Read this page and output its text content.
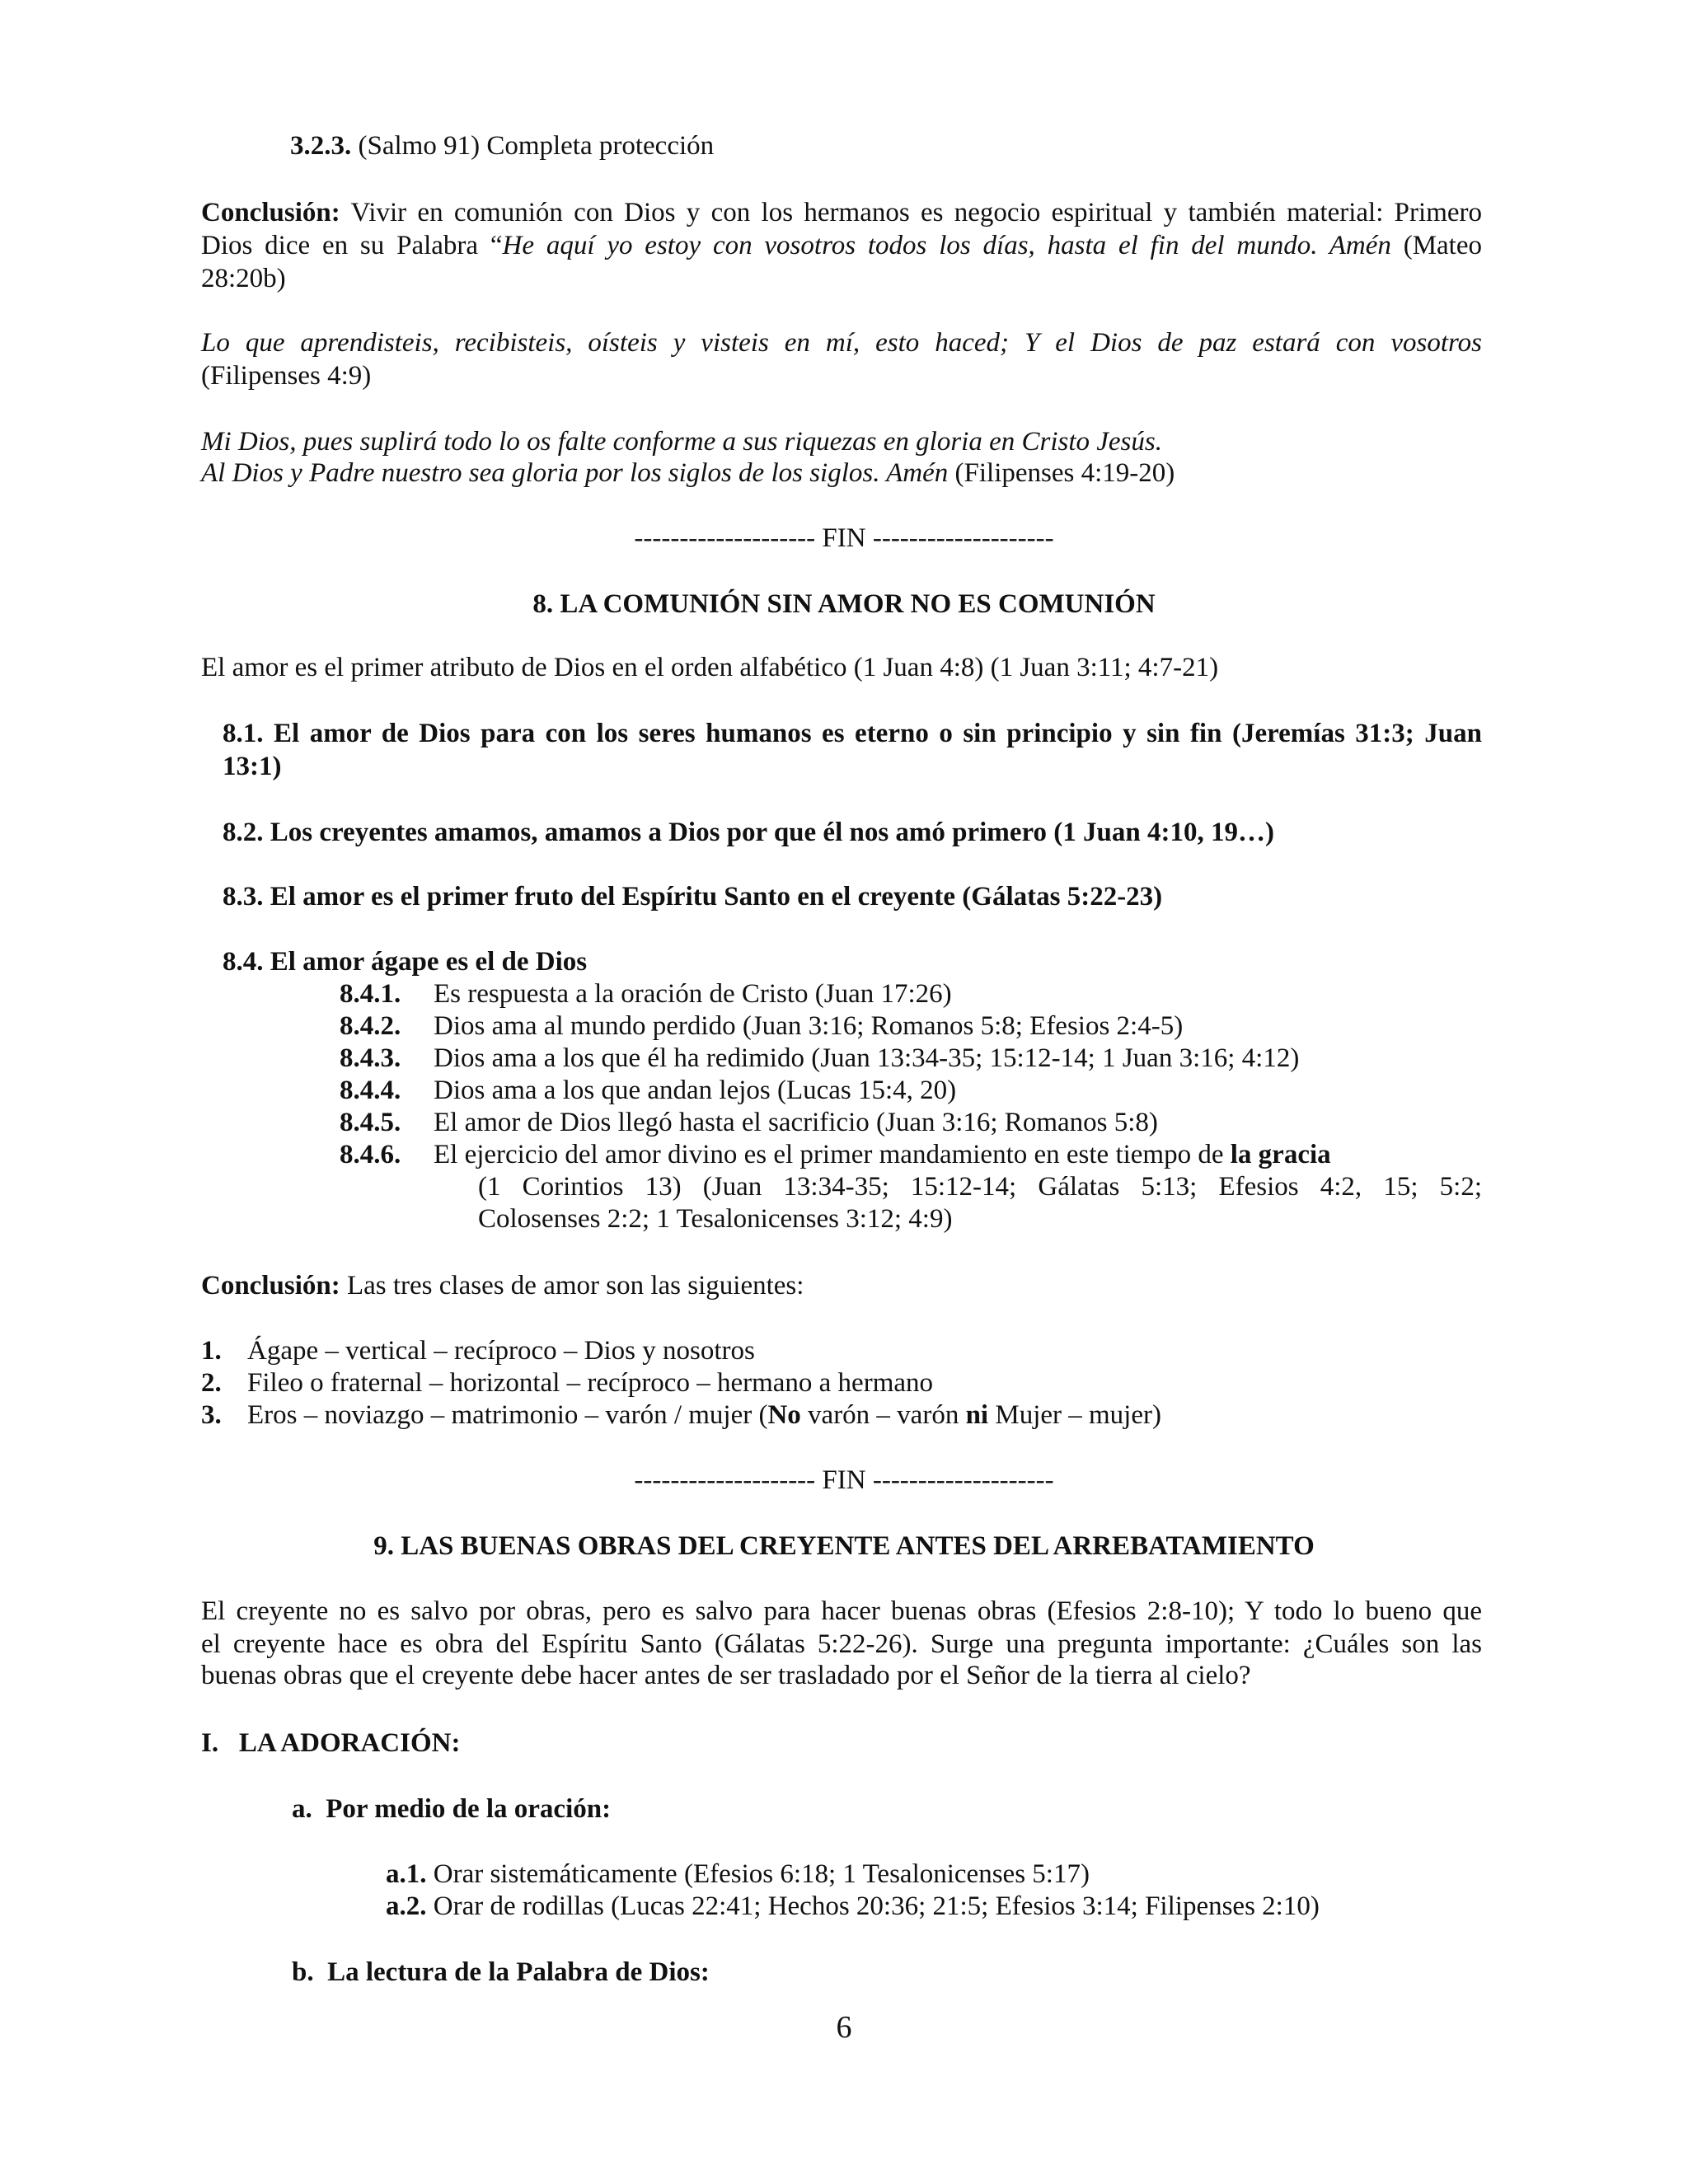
3.2.3. (Salmo 91) Completa protección
Conclusión: Vivir en comunión con Dios y con los hermanos es negocio espiritual y también material: Primero
Dios dice en su Palabra “He aquí yo estoy con vosotros todos los días, hasta el fin del mundo. Amén (Mateo
28:20b)
Lo que aprendisteis, recibisteis, oísteis y visteis en mí, esto haced; Y el Dios de paz estará con vosotros
(Filipenses 4:9)
Mi Dios, pues suplirá todo lo os falte conforme a sus riquezas en gloria en Cristo Jesús.
Al Dios y Padre nuestro sea gloria por los siglos de los siglos. Amén (Filipenses 4:19-20)
-------------------- FIN --------------------
8. LA COMUNIÓN SIN AMOR NO ES COMUNIÓN
El amor es el primer atributo de Dios en el orden alfabético (1 Juan 4:8) (1 Juan 3:11; 4:7-21)
8.1. El amor de Dios para con los seres humanos es eterno o sin principio y sin fin (Jeremías 31:3; Juan
13:1)
8.2. Los creyentes amamos, amamos a Dios por que él nos amó primero (1 Juan 4:10, 19…)
8.3. El amor es el primer fruto del Espíritu Santo en el creyente (Gálatas 5:22-23)
8.4. El amor ágape es el de Dios
8.4.1. Es respuesta a la oración de Cristo (Juan 17:26)
8.4.2. Dios ama al mundo perdido (Juan 3:16; Romanos 5:8; Efesios 2:4-5)
8.4.3. Dios ama a los que él ha redimido (Juan 13:34-35; 15:12-14; 1 Juan 3:16; 4:12)
8.4.4. Dios ama a los que andan lejos (Lucas 15:4, 20)
8.4.5. El amor de Dios llegó hasta el sacrificio (Juan 3:16; Romanos 5:8)
8.4.6. El ejercicio del amor divino es el primer mandamiento en este tiempo de la gracia
(1 Corintios 13) (Juan 13:34-35; 15:12-14; Gálatas 5:13; Efesios 4:2, 15; 5:2;
Colosenses 2:2; 1 Tesalonicenses 3:12; 4:9)
Conclusión: Las tres clases de amor son las siguientes:
1. Ágape – vertical – recíproco – Dios y nosotros
2. Fileo o fraternal – horizontal – recíproco – hermano a hermano
3. Eros – noviazgo – matrimonio – varón / mujer (No varón – varón ni Mujer – mujer)
-------------------- FIN --------------------
9. LAS BUENAS OBRAS DEL CREYENTE ANTES DEL ARREBATAMIENTO
El creyente no es salvo por obras, pero es salvo para hacer buenas obras (Efesios 2:8-10); Y todo lo bueno que
el creyente hace es obra del Espíritu Santo (Gálatas 5:22-26). Surge una pregunta importante: ¿Cuáles son las
buenas obras que el creyente debe hacer antes de ser trasladado por el Señor de la tierra al cielo?
I.   LA ADORACIÓN:
a.  Por medio de la oración:
a.1. Orar sistemáticamente (Efesios 6:18; 1 Tesalonicenses 5:17)
a.2. Orar de rodillas (Lucas 22:41; Hechos 20:36; 21:5; Efesios 3:14; Filipenses 2:10)
b.  La lectura de la Palabra de Dios:
6
